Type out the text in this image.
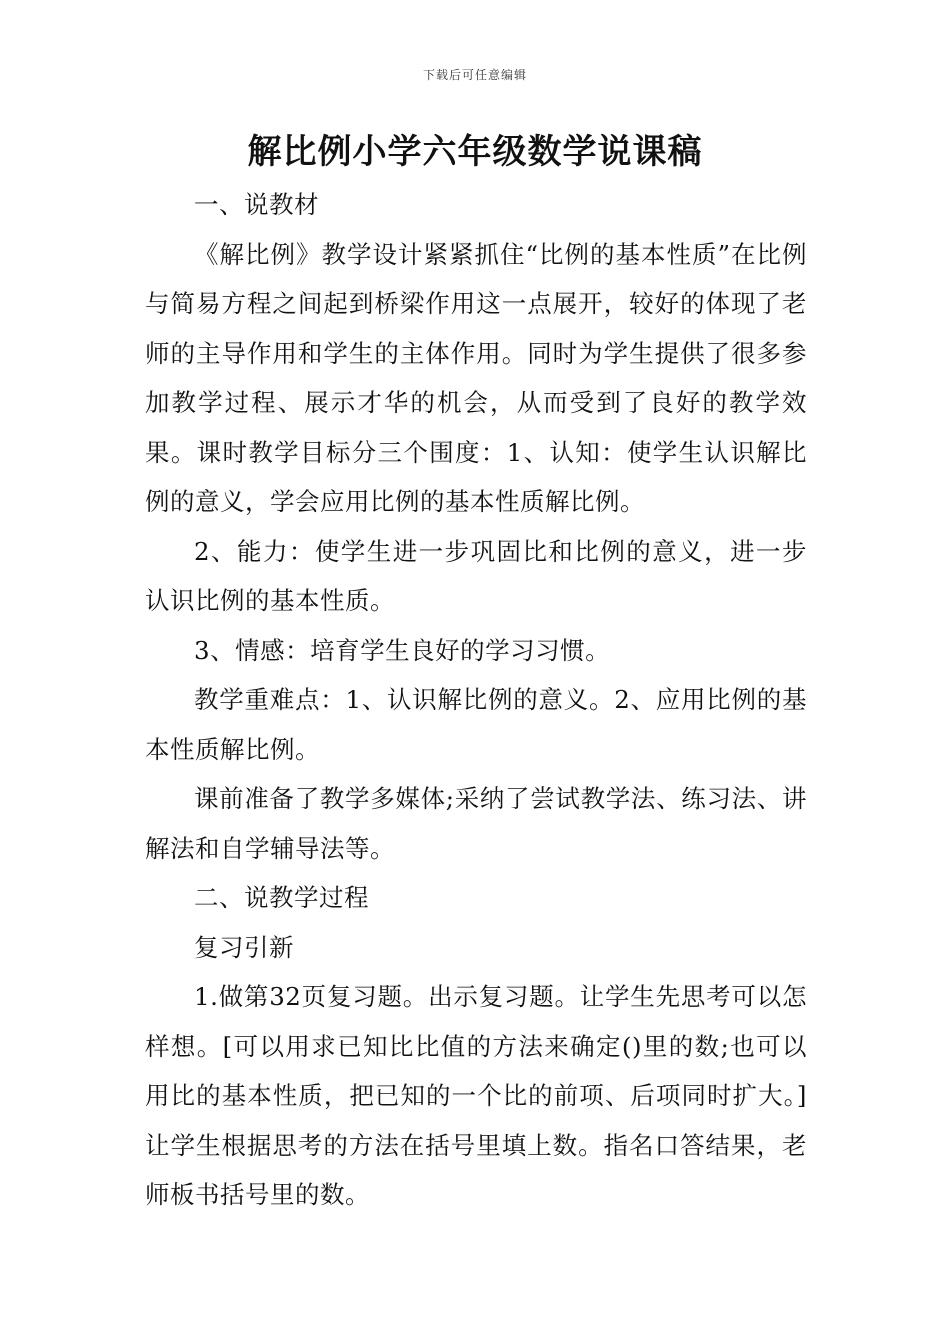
下载后可任意编辑
解比例小学六年级数学说课稿

一、说教材

《解比例》教学设计紧紧抓住“比例的基本性质”在比例与简易方程之间起到桥梁作用这一点展开，较好的体现了老师的主导作用和学生的主体作用。同时为学生提供了很多参加教学过程、展示才华的机会，从而受到了良好的教学效果。课时教学目标分三个围度：1、认知：使学生认识解比例的意义，学会应用比例的基本性质解比例。

2、能力：使学生进一步巩固比和比例的意义，进一步认识比例的基本性质。

3、情感：培育学生良好的学习习惯。

教学重难点：1、认识解比例的意义。2、应用比例的基本性质解比例。

课前准备了教学多媒体;采纳了尝试教学法、练习法、讲解法和自学辅导法等。

二、说教学过程

复习引新

1.做第32页复习题。出示复习题。让学生先思考可以怎样想。[可以用求已知比比值的方法来确定()里的数;也可以用比的基本性质，把已知的一个比的前项、后项同时扩大。]让学生根据思考的方法在括号里填上数。指名口答结果，老师板书括号里的数。
